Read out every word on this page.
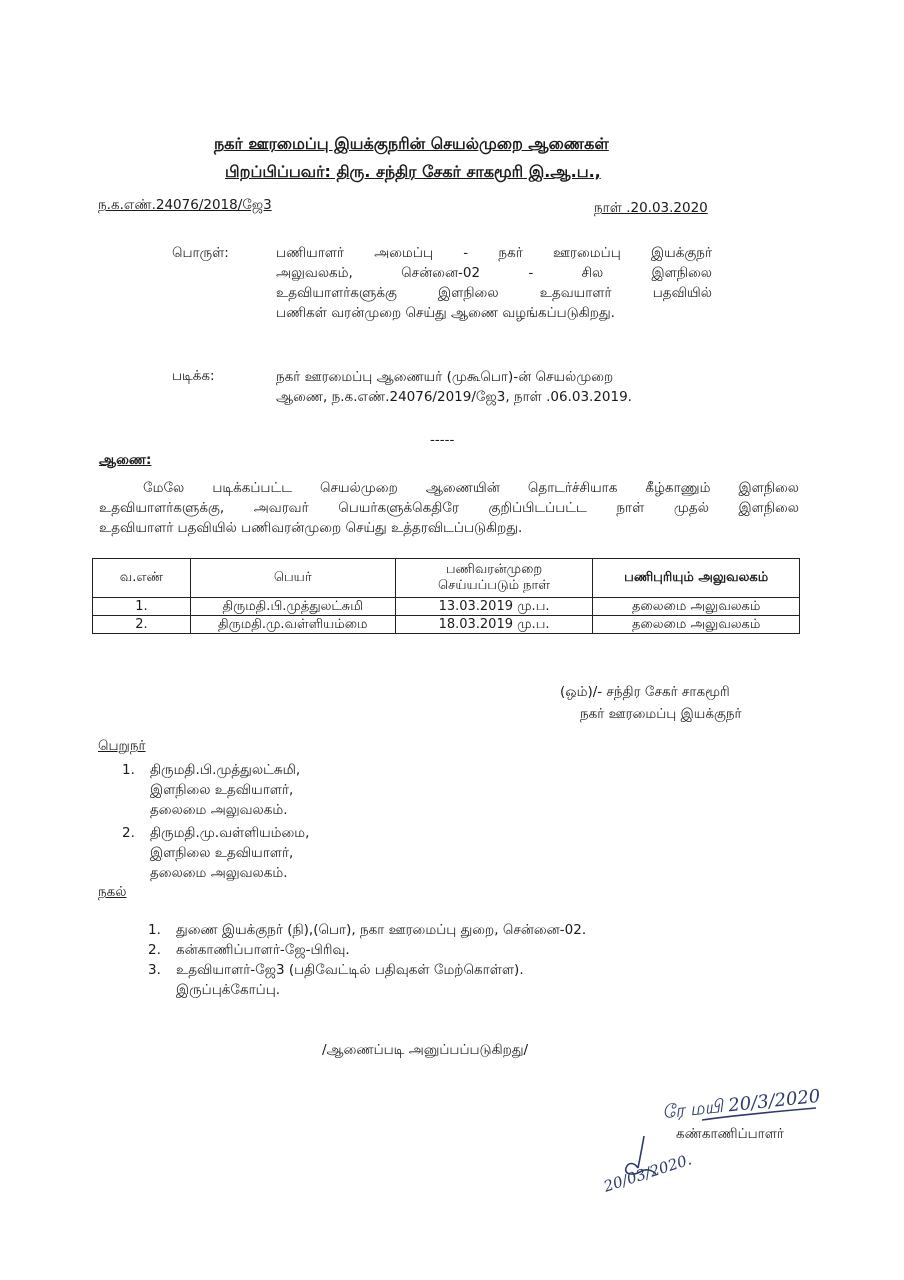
நகர் ஊரமைப்பு இயக்குநரின் செயல்முறை ஆணைகள்
பிறப்பிப்பவர்: திரு. சந்திர சேகர் சாகமூரி இ.ஆ.ப.,
ந.க.எண்.24076/2018/ஜே3	நாள் .20.03.2020
பொருள்:	பணியாளர் அமைப்பு - நகர் ஊரமைப்பு இயக்குநர்
அலுவலகம், சென்னை-02 - சில இளநிலை
உதவியாளர்களுக்கு இளநிலை உதவயாளர் பதவியில்
பணிகள் வரன்முறை செய்து ஆணை வழங்கப்படுகிறது.
படிக்க:	நகர் ஊரமைப்பு ஆணையர் (முகூபொ)-ன் செயல்முறை
ஆணை, ந.க.எண்.24076/2019/ஜே3, நாள் .06.03.2019.
-----
ஆணை:
மேலே படிக்கப்பட்ட செயல்முறை ஆணையின் தொடர்ச்சியாக கீழ்காணும் இளநிலை
உதவியாளர்களுக்கு, அவரவர் பெயர்களுக்கெதிரே குறிப்பிடப்பட்ட நாள் முதல் இளநிலை
உதவியாளர் பதவியில் பணிவரன்முறை செய்து உத்தரவிடப்படுகிறது.
வ.எண்	பெயர்	பணிவரன்முறை
செய்யப்படும் நாள்	பணிபுரியும் அலுவலகம்
1.	திருமதி.பி.முத்துலட்சுமி	13.03.2019 மு.ப.	தலைமை அலுவலகம்
2.	திருமதி.மு.வள்ளியம்மை	18.03.2019 மு.ப.	தலைமை அலுவலகம்
(ஒம்)/- சந்திர சேகர் சாகமூரி
நகர் ஊரமைப்பு இயக்குநர்
பெறுநர்
1.	திருமதி.பி.முத்துலட்சுமி,
இளநிலை உதவியாளர்,
தலைமை அலுவலகம்.
2.	திருமதி.மு.வள்ளியம்மை,
இளநிலை உதவியாளர்,
தலைமை அலுவலகம்.
நகல்
1.	துணை இயக்குநர் (நி),(பொ), நகா ஊரமைப்பு துறை, சென்னை-02.
2.	கன்காணிப்பாளர்-ஜே-பிரிவு.
3.	உதவியாளர்-ஜே3 (பதிவேட்டில் பதிவுகள் மேற்கொள்ள).
இருப்புக்கோப்பு.
/ஆணைப்படி அனுப்பப்படுகிறது/
ரே மயி 20/3/2020
கண்காணிப்பாளர்
20/03/2020.
